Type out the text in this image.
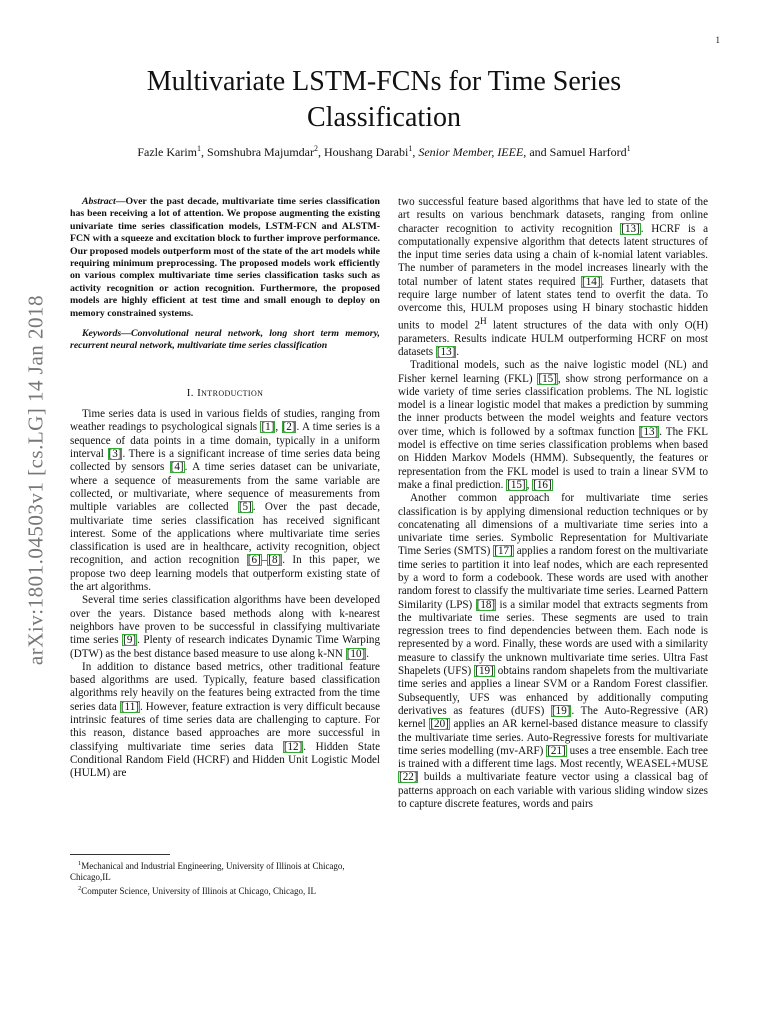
1
arXiv:1801.04503v1 [cs.LG] 14 Jan 2018
Multivariate LSTM-FCNs for Time Series Classification
Fazle Karim$^1$, Somshubra Majumdar$^2$, Houshang Darabi$^1$, Senior Member, IEEE, and Samuel Harford$^1$

Abstract—Over the past decade, multivariate time series classification has been receiving a lot of attention. We propose augmenting the existing univariate time series classification models, LSTM-FCN and ALSTM-FCN with a squeeze and excitation block to further improve performance. Our proposed models outperform most of the state of the art models while requiring minimum preprocessing. The proposed models work efficiently on various complex multivariate time series classification tasks such as activity recognition or action recognition. Furthermore, the proposed models are highly efficient at test time and small enough to deploy on memory constrained systems.

Keywords—Convolutional neural network, long short term memory, recurrent neural network, multivariate time series classification

I. Introduction

Time series data is used in various fields of studies, ranging from weather readings to psychological signals [1], [2]. A time series is a sequence of data points in a time domain, typically in a uniform interval [3]. There is a significant increase of time series data being collected by sensors [4]. A time series dataset can be univariate, where a sequence of measurements from the same variable are collected, or multivariate, where sequence of measurements from multiple variables are collected [5]. Over the past decade, multivariate time series classification has received significant interest. Some of the applications where multivariate time series classification is used are in healthcare, activity recognition, object recognition, and action recognition [6]–[8]. In this paper, we propose two deep learning models that outperform existing state of the art algorithms.

Several time series classification algorithms have been developed over the years. Distance based methods along with k-nearest neighbors have proven to be successful in classifying multivariate time series [9]. Plenty of research indicates Dynamic Time Warping (DTW) as the best distance based measure to use along k-NN [10].

In addition to distance based metrics, other traditional feature based algorithms are used. Typically, feature based classification algorithms rely heavily on the features being extracted from the time series data [11]. However, feature extraction is very difficult because intrinsic features of time series data are challenging to capture. For this reason, distance based approaches are more successful in classifying multivariate time series data [12]. Hidden State Conditional Random Field (HCRF) and Hidden Unit Logistic Model (HULM) are

two successful feature based algorithms that have led to state of the art results on various benchmark datasets, ranging from online character recognition to activity recognition [13]. HCRF is a computationally expensive algorithm that detects latent structures of the input time series data using a chain of k-nomial latent variables. The number of parameters in the model increases linearly with the total number of latent states required [14]. Further, datasets that require large number of latent states tend to overfit the data. To overcome this, HULM proposes using H binary stochastic hidden units to model $2^H$ latent structures of the data with only O(H) parameters. Results indicate HULM outperforming HCRF on most datasets [13].

Traditional models, such as the naive logistic model (NL) and Fisher kernel learning (FKL) [15], show strong performance on a wide variety of time series classification problems. The NL logistic model is a linear logistic model that makes a prediction by summing the inner products between the model weights and feature vectors over time, which is followed by a softmax function [13]. The FKL model is effective on time series classification problems when based on Hidden Markov Models (HMM). Subsequently, the features or representation from the FKL model is used to train a linear SVM to make a final prediction. [15], [16]

Another common approach for multivariate time series classification is by applying dimensional reduction techniques or by concatenating all dimensions of a multivariate time series into a univariate time series. Symbolic Representation for Multivariate Time Series (SMTS) [17] applies a random forest on the multivariate time series to partition it into leaf nodes, which are each represented by a word to form a codebook. These words are used with another random forest to classify the multivariate time series. Learned Pattern Similarity (LPS) [18] is a similar model that extracts segments from the multivariate time series. These segments are used to train regression trees to find dependencies between them. Each node is represented by a word. Finally, these words are used with a similarity measure to classify the unknown multivariate time series. Ultra Fast Shapelets (UFS) [19] obtains random shapelets from the multivariate time series and applies a linear SVM or a Random Forest classifier. Subsequently, UFS was enhanced by additionally computing derivatives as features (dUFS) [19]. The Auto-Regressive (AR) kernel [20] applies an AR kernel-based distance measure to classify the multivariate time series. Auto-Regressive forests for multivariate time series modelling (mv-ARF) [21] uses a tree ensemble. Each tree is trained with a different time lags. Most recently, WEASEL+MUSE [22] builds a multivariate feature vector using a classical bag of patterns approach on each variable with various sliding window sizes to capture discrete features, words and pairs

$^1$Mechanical and Industrial Engineering, University of Illinois at Chicago, Chicago,IL

$^2$Computer Science, University of Illinois at Chicago, Chicago, IL
